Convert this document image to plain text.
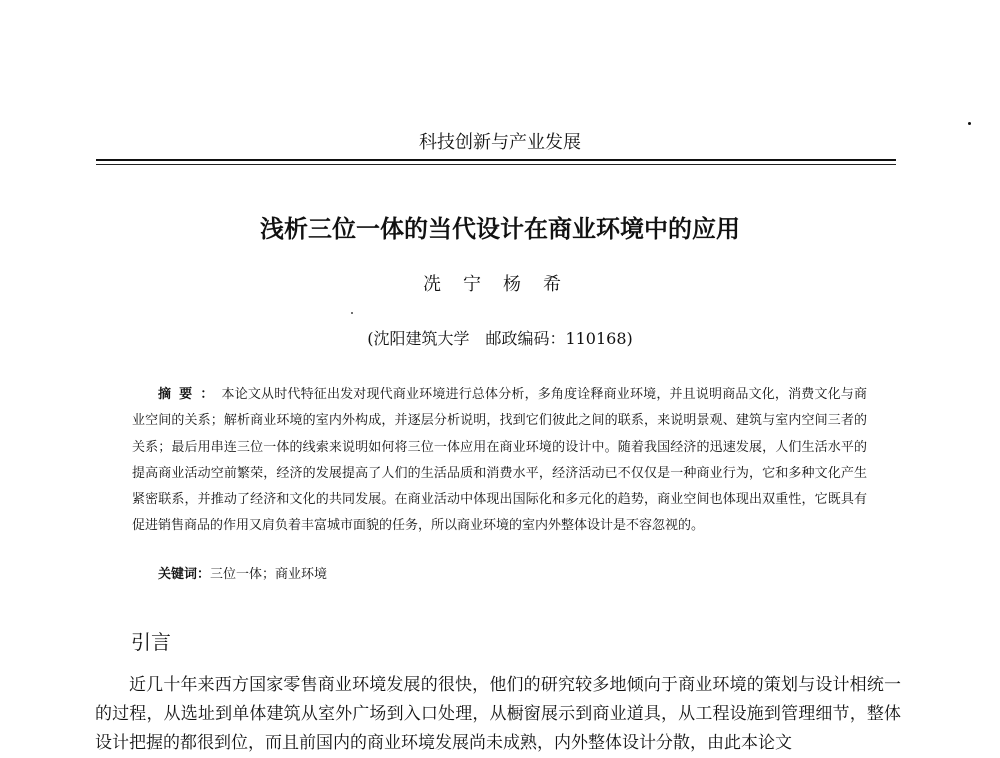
科技创新与产业发展
浅析三位一体的当代设计在商业环境中的应用
冼宁杨希
(沈阳建筑大学　邮政编码：110168)
摘要：本论文从时代特征出发对现代商业环境进行总体分析，多角度诠释商业环境，并且说明商品文化，消费文化与商业空间的关系；解析商业环境的室内外构成，并逐层分析说明，找到它们彼此之间的联系，来说明景观、建筑与室内空间三者的关系；最后用串连三位一体的线索来说明如何将三位一体应用在商业环境的设计中。随着我国经济的迅速发展，人们生活水平的提高商业活动空前繁荣，经济的发展提高了人们的生活品质和消费水平，经济活动已不仅仅是一种商业行为，它和多种文化产生紧密联系，并推动了经济和文化的共同发展。在商业活动中体现出国际化和多元化的趋势，商业空间也体现出双重性，它既具有促进销售商品的作用又肩负着丰富城市面貌的任务，所以商业环境的室内外整体设计是不容忽视的。
关键词：三位一体；商业环境
引言
近几十年来西方国家零售商业环境发展的很快，他们的研究较多地倾向于商业环境的策划与设计相统一的过程，从选址到单体建筑从室外广场到入口处理，从橱窗展示到商业道具，从工程设施到管理细节，整体设计把握的都很到位，而且前国内的商业环境发展尚未成熟，内外整体设计分散，由此本论文
